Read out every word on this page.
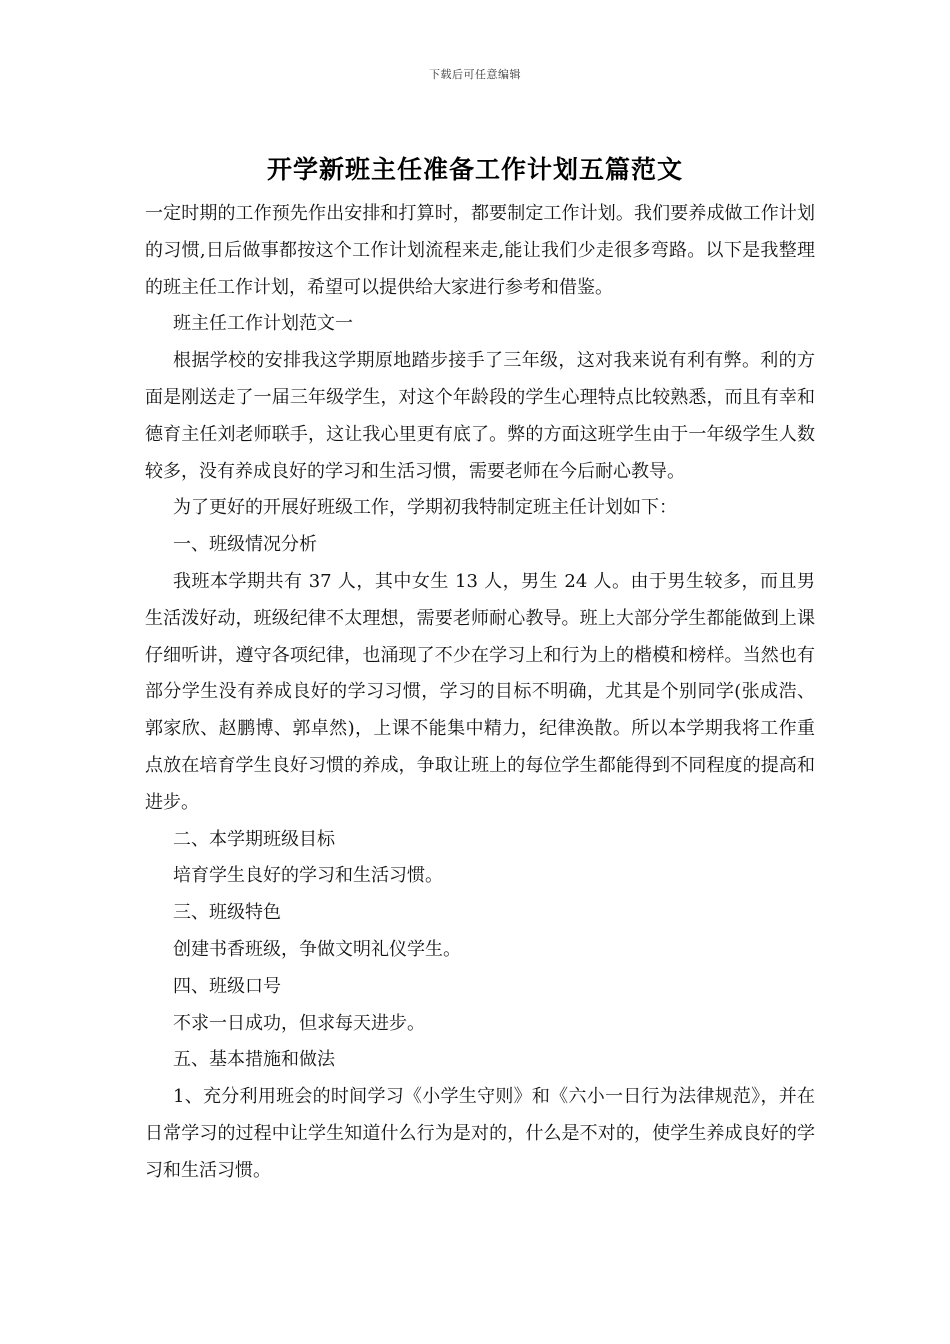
下载后可任意编辑
开学新班主任准备工作计划五篇范文

一定时期的工作预先作出安排和打算时，都要制定工作计划。我们要养成做工作计划的习惯,日后做事都按这个工作计划流程来走,能让我们少走很多弯路。以下是我整理的班主任工作计划，希望可以提供给大家进行参考和借鉴。

班主任工作计划范文一

根据学校的安排我这学期原地踏步接手了三年级，这对我来说有利有弊。利的方面是刚送走了一届三年级学生，对这个年龄段的学生心理特点比较熟悉，而且有幸和德育主任刘老师联手，这让我心里更有底了。弊的方面这班学生由于一年级学生人数较多，没有养成良好的学习和生活习惯，需要老师在今后耐心教导。

为了更好的开展好班级工作，学期初我特制定班主任计划如下：

一、班级情况分析

我班本学期共有 37 人，其中女生 13 人，男生 24 人。由于男生较多，而且男生活泼好动，班级纪律不太理想，需要老师耐心教导。班上大部分学生都能做到上课仔细听讲，遵守各项纪律，也涌现了不少在学习上和行为上的楷模和榜样。当然也有部分学生没有养成良好的学习习惯，学习的目标不明确，尤其是个别同学(张成浩、郭家欣、赵鹏博、郭卓然)，上课不能集中精力，纪律涣散。所以本学期我将工作重点放在培育学生良好习惯的养成，争取让班上的每位学生都能得到不同程度的提高和进步。

二、本学期班级目标

培育学生良好的学习和生活习惯。

三、班级特色

创建书香班级，争做文明礼仪学生。

四、班级口号

不求一日成功，但求每天进步。

五、基本措施和做法

1、充分利用班会的时间学习《小学生守则》和《六小一日行为法律规范》，并在日常学习的过程中让学生知道什么行为是对的，什么是不对的，使学生养成良好的学习和生活习惯。
